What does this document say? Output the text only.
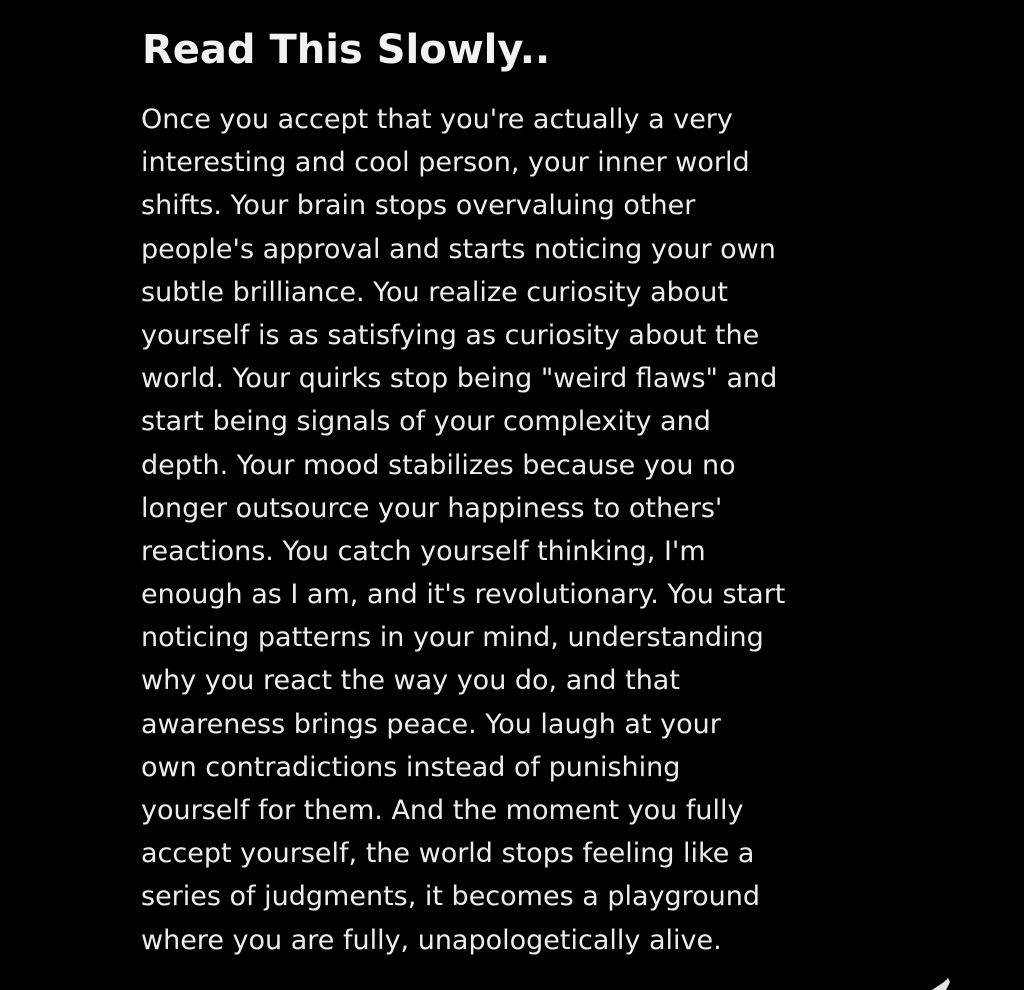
Read This Slowly..
Once you accept that you're actually a very
interesting and cool person, your inner world
shifts. Your brain stops overvaluing other
people's approval and starts noticing your own
subtle brilliance. You realize curiosity about
yourself is as satisfying as curiosity about the
world. Your quirks stop being "weird flaws" and
start being signals of your complexity and
depth. Your mood stabilizes because you no
longer outsource your happiness to others'
reactions. You catch yourself thinking, I'm
enough as I am, and it's revolutionary. You start
noticing patterns in your mind, understanding
why you react the way you do, and that
awareness brings peace. You laugh at your
own contradictions instead of punishing
yourself for them. And the moment you fully
accept yourself, the world stops feeling like a
series of judgments, it becomes a playground
where you are fully, unapologetically alive.
